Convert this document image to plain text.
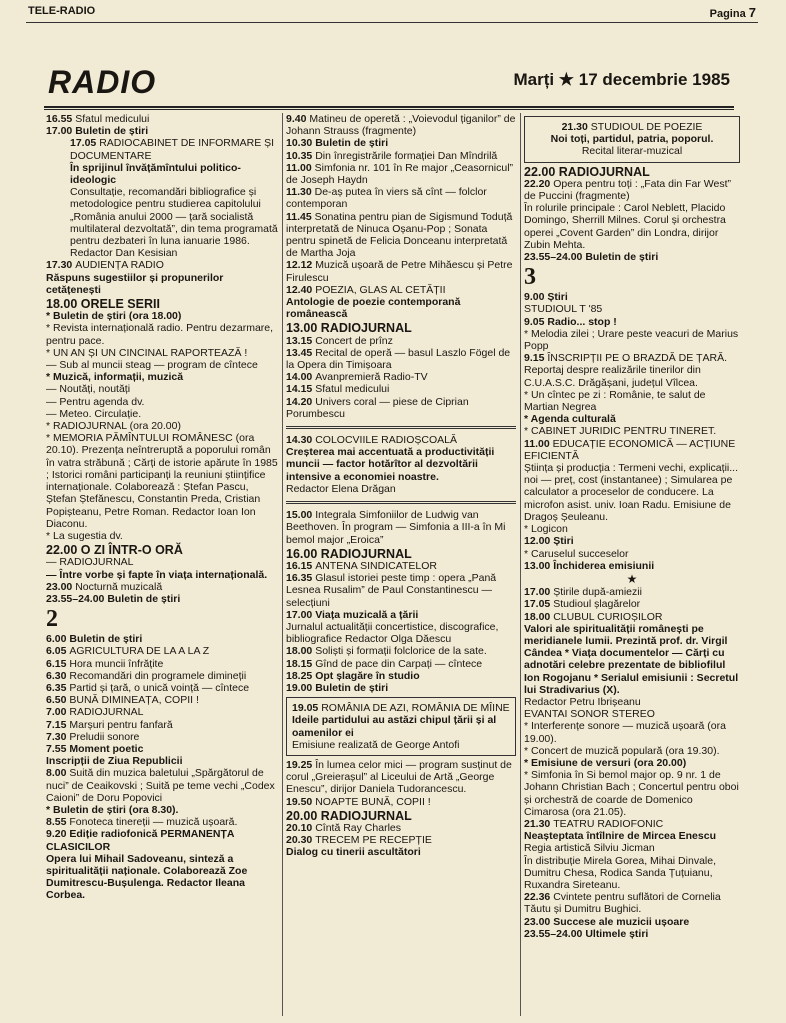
TELE-RADIO	Pagina 7
RADIO	Marți ★ 17 decembrie 1985

16.55 Sfatul medicului

17.00 Buletin de știri

17.05 RADIOCABINET DE INFORMARE ȘI DOCUMENTARE

În sprijinul învățămîntului politico-ideologic

Consultație, recomandări bibliografice și metodologice pentru studierea capitolului „România anului 2000 — țară socialistă multilateral dezvoltată”, din tema programată pentru dezbateri în luna ianuarie 1986.

Redactor Dan Kesisian

17.30 AUDIENȚA RADIO

Răspuns sugestiilor și propunerilor cetățenești

18.00 ORELE SERII

* Buletin de știri (ora 18.00)

* Revista internațională radio. Pentru dezarmare, pentru pace.

* UN AN ȘI UN CINCINAL RAPORTEAZĂ !

— Sub al muncii steag — program de cîntece

* Muzică, informații, muzică

— Noutăți, noutăți

— Pentru agenda dv.

— Meteo. Circulație.

* RADIOJURNAL (ora 20.00)

* MEMORIA PĂMÎNTULUI ROMÂNESC (ora 20.10). Prezența neîntreruptă a poporului român în vatra străbună ; Cărți de istorie apărute în 1985 ; Istorici români participanți la reuniuni științifice internaționale. Colaborează : Ștefan Pascu, Ștefan Ștefănescu, Constantin Preda, Cristian Popișteanu, Petre Roman. Redactor Ioan Ion Diaconu.

* La sugestia dv.

22.00 O ZI ÎNTR-O ORĂ

— RADIOJURNAL

— Între vorbe și fapte în viața internațională.

23.00 Nocturnă muzicală

23.55–24.00 Buletin de știri

2

6.00 Buletin de știri

6.05 AGRICULTURA DE LA A LA Z

6.15 Hora muncii înfrățite

6.30 Recomandări din programele dimineții

6.35 Partid și țară, o unică voință — cîntece

6.50 BUNĂ DIMINEAȚA, COPII !

7.00 RADIOJURNAL

7.15 Marșuri pentru fanfară

7.30 Preludii sonore

7.55 Moment poetic

Inscripții de Ziua Republicii

8.00 Suită din muzica baletului „Spărgătorul de nuci” de Ceaikovski ; Suită pe teme vechi „Codex Caioni” de Doru Popovici

* Buletin de știri (ora 8.30).

8.55 Fonoteca tinereții — muzică ușoară.

9.20 Ediție radiofonică PERMANENȚA CLASICILOR

Opera lui Mihail Sadoveanu, sinteză a spiritualității naționale. Colaborează Zoe Dumitrescu-Bușulenga. Redactor Ileana Corbea.

9.40 Matineu de operetă : „Voievodul țiganilor” de Johann Strauss (fragmente)

10.30 Buletin de știri

10.35 Din înregistrările formației Dan Mîndrilă

11.00 Simfonia nr. 101 în Re major „Ceasornicul” de Joseph Haydn

11.30 De-aș putea în viers să cînt — folclor contemporan

11.45 Sonatina pentru pian de Sigismund Toduță interpretată de Ninuca Oșanu-Pop ; Sonata pentru spinetă de Felicia Donceanu interpretată de Martha Joja

12.12 Muzică ușoară de Petre Mihăescu și Petre Firulescu

12.40 POEZIA, GLAS AL CETĂȚII

Antologie de poezie contemporană românească

13.00 RADIOJURNAL

13.15 Concert de prînz

13.45 Recital de operă — basul Laszlo Fögel de la Opera din Timișoara

14.00 Avanpremieră Radio-TV

14.15 Sfatul medicului

14.20 Univers coral — piese de Ciprian Porumbescu

14.30 COLOCVIILE RADIOȘCOALĂ

Creșterea mai accentuată a productivității muncii — factor hotărîtor al dezvoltării intensive a economiei noastre.

Redactor Elena Drăgan

15.00 Integrala Simfoniilor de Ludwig van Beethoven. În program — Simfonia a III-a în Mi bemol major „Eroica”

16.00 RADIOJURNAL

16.15 ANTENA SINDICATELOR

16.35 Glasul istoriei peste timp : opera „Pană Lesnea Rusalim” de Paul Constantinescu — selecțiuni

17.00 Viața muzicală a țării

Jurnalul actualității concertistice, discografice, bibliografice Redactor Olga Dăescu

18.00 Soliști și formații folclorice de la sate.

18.15 Gînd de pace din Carpați — cîntece

18.25 Opt șlagăre în studio

19.00 Buletin de știri

19.05 ROMÂNIA DE AZI, ROMÂNIA DE MÎINE

Ideile partidului au astăzi chipul țării și al oamenilor ei

Emisiune realizată de George Antofi

19.25 În lumea celor mici — program susținut de corul „Greierașul” al Liceului de Artă „George Enescu”, dirijor Daniela Tudorancescu.

19.50 NOAPTE BUNĂ, COPII !

20.00 RADIOJURNAL

20.10 Cîntă Ray Charles

20.30 TRECEM PE RECEPȚIE

Dialog cu tinerii ascultători

21.30 STUDIOUL DE POEZIE

Noi toți, partidul, patria, poporul.

Recital literar-muzical

22.00 RADIOJURNAL

22.20 Opera pentru toți : „Fata din Far West” de Puccini (fragmente)

În rolurile principale : Carol Neblett, Placido Domingo, Sherrill Milnes. Corul și orchestra operei „Covent Garden” din Londra, dirijor Zubin Mehta.

23.55–24.00 Buletin de știri

3

9.00 Știri

STUDIOUL T '85

9.05 Radio... stop !

* Melodia zilei ; Urare peste veacuri de Marius Popp

9.15 ÎNSCRIPȚII PE O BRAZDĂ DE ȚARĂ. Reportaj despre realizările tinerilor din C.U.A.S.C. Drăgășani, județul Vîlcea.

* Un cîntec pe zi : Românie, te salut de Martian Negrea

* Agenda culturală

* CABINET JURIDIC PENTRU TINERET.

11.00 EDUCAȚIE ECONOMICĂ — ACȚIUNE EFICIENTĂ

Știința și producția : Termeni vechi, explicații... noi — preț, cost (instantanee) ; Simularea pe calculator a proceselor de conducere. La microfon asist. univ. Ioan Radu. Emisiune de Dragoș Șeuleanu.

* Logicon

12.00 Știri

* Caruselul succeselor

13.00 Închiderea emisiunii

★

17.00 Știrile după-amiezii

17.05 Studioul șlagărelor

18.00 CLUBUL CURIOȘILOR

Valori ale spiritualității românești pe meridianele lumii. Prezintă prof. dr. Virgil Cândea * Viața documentelor — Cărți cu adnotări celebre prezentate de bibliofilul Ion Rogojanu * Serialul emisiunii : Secretul lui Stradivarius (X).

Redactor Petru Ibrișeanu

EVANTAI SONOR STEREO

* Interferențe sonore — muzică ușoară (ora 19.00).

* Concert de muzică populară (ora 19.30).

* Emisiune de versuri (ora 20.00)

* Simfonia în Si bemol major op. 9 nr. 1 de Johann Christian Bach ; Concertul pentru oboi și orchestră de coarde de Domenico Cimarosa (ora 21.05).

21.30 TEATRU RADIOFONIC

Neașteptata întîlnire de Mircea Enescu

Regia artistică Silviu Jicman

În distribuție Mirela Gorea, Mihai Dinvale, Dumitru Chesa, Rodica Sanda Țuțuianu, Ruxandra Sireteanu.

22.36 Cvintete pentru suflători de Cornelia Tăutu și Dumitru Bughici.

23.00 Succese ale muzicii ușoare

23.55–24.00 Ultimele știri
